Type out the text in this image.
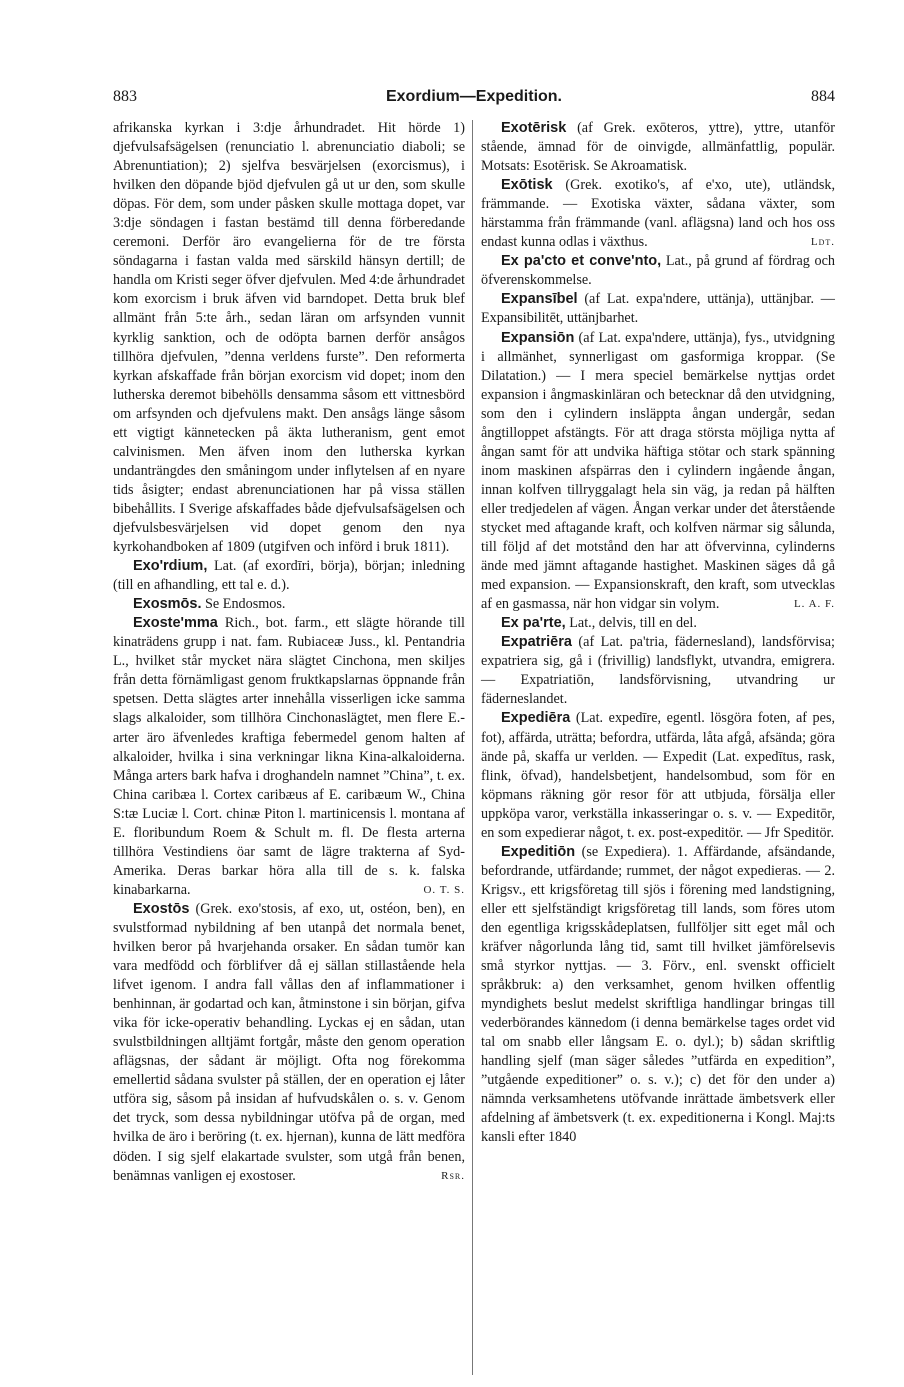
883	Exordium—Expedition.	884

afrikanska kyrkan i 3:dje århundradet. Hit hörde 1) djefvulsafsägelsen (renunciatio l. abrenunciatio diaboli; se Abrenuntiation); 2) sjelfva besvärjelsen (exorcismus), i hvilken den döpande bjöd djefvulen gå ut ur den, som skulle döpas. För dem, som under påsken skulle mottaga dopet, var 3:dje söndagen i fastan bestämd till denna förberedande ceremoni. Derför äro evangelierna för de tre första söndagarna i fastan valda med särskild hänsyn dertill; de handla om Kristi seger öfver djefvulen. Med 4:de århundradet kom exorcism i bruk äfven vid barndopet. Detta bruk blef allmänt från 5:te årh., sedan läran om arfsynden vunnit kyrklig sanktion, och de odöpta barnen derför ansågos tillhöra djefvulen, ”denna verldens furste”. Den reformerta kyrkan afskaffade från början exorcism vid dopet; inom den lutherska deremot bibehölls densamma såsom ett vittnesbörd om arfsynden och djefvulens makt. Den ansågs länge såsom ett vigtigt kännetecken på äkta lutheranism, gent emot calvinismen. Men äfven inom den lutherska kyrkan undanträngdes den småningom under inflytelsen af en nyare tids åsigter; endast abrenunciationen har på vissa ställen bibehållits. I Sverige afskaffades både djefvulsafsägelsen och djefvulsbesvärjelsen vid dopet genom den nya kyrkohandboken af 1809 (utgifven och införd i bruk 1811).

Exo'rdium, Lat. (af exordīri, börja), början; inledning (till en afhandling, ett tal e. d.).

Exosmōs. Se Endosmos.

Exoste'mma Rich., bot. farm., ett slägte hörande till kinaträdens grupp i nat. fam. Rubiaceæ Juss., kl. Pentandria L., hvilket står mycket nära slägtet Cinchona, men skiljes från detta förnämligast genom fruktkapslarnas öppnande från spetsen. Detta slägtes arter innehålla visserligen icke samma slags alkaloider, som tillhöra Cinchonaslägtet, men flere E.-arter äro äfvenledes kraftiga febermedel genom halten af alkaloider, hvilka i sina verkningar likna Kina-alkaloiderna. Många arters bark hafva i droghandeln namnet ”China”, t. ex. China caribæa l. Cortex caribæus af E. caribæum W., China S:tæ Luciæ l. Cort. chinæ Piton l. martinicensis l. montana af E. floribundum Roem & Schult m. fl. De flesta arterna tillhöra Vestindiens öar samt de lägre trakterna af Syd-Amerika. Deras barkar höra alla till de s. k. falska kinabarkarna.	O. T. S.

Exostōs (Grek. exo'stosis, af exo, ut, ostéon, ben), en svulstformad nybildning af ben utanpå det normala benet, hvilken beror på hvarjehanda orsaker. En sådan tumör kan vara medfödd och förblifver då ej sällan stillastående hela lifvet igenom. I andra fall vållas den af inflammationer i benhinnan, är godartad och kan, åtminstone i sin början, gifva vika för icke-operativ behandling. Lyckas ej en sådan, utan svulstbildningen alltjämt fortgår, måste den genom operation aflägsnas, der sådant är möjligt. Ofta nog förekomma emellertid sådana svulster på ställen, der en operation ej låter utföra sig, såsom på insidan af hufvudskålen o. s. v. Genom det tryck, som dessa nybildningar utöfva på de organ, med hvilka de äro i beröring (t. ex. hjernan), kunna de lätt medföra döden. I sig sjelf elakartade svulster, som utgå från benen, benämnas vanligen ej exostoser.	Rsr.

Exotērisk (af Grek. exōteros, yttre), yttre, utanför stående, ämnad för de oinvigde, allmänfattlig, populär. Motsats: Esotērisk. Se Akroamatisk.

Exōtisk (Grek. exotiko's, af e'xo, ute), utländsk, främmande. — Exotiska växter, sådana växter, som härstamma från främmande (vanl. aflägsna) land och hos oss endast kunna odlas i växthus.	Ldt.

Ex pa'cto et conve'nto, Lat., på grund af fördrag och öfverenskommelse.

Expansībel (af Lat. expa'ndere, uttänja), uttänjbar. — Expansibilitēt, uttänjbarhet.

Expansiōn (af Lat. expa'ndere, uttänja), fys., utvidgning i allmänhet, synnerligast om gasformiga kroppar. (Se Dilatation.) — I mera speciel bemärkelse nyttjas ordet expansion i ångmaskinläran och betecknar då den utvidgning, som den i cylindern insläppta ångan undergår, sedan ångtilloppet afstängts. För att draga största möjliga nytta af ångan samt för att undvika häftiga stötar och stark spänning inom maskinen afspärras den i cylindern ingående ångan, innan kolfven tillryggalagt hela sin väg, ja redan på hälften eller tredjedelen af vägen. Ångan verkar under det återstående stycket med aftagande kraft, och kolfven närmar sig sålunda, till följd af det motstånd den har att öfvervinna, cylinderns ände med jämnt aftagande hastighet. Maskinen säges då gå med expansion. — Expansionskraft, den kraft, som utvecklas af en gasmassa, när hon vidgar sin volym.	L. A. F.

Ex pa'rte, Lat., delvis, till en del.

Expatriēra (af Lat. pa'tria, fädernesland), landsförvisa; expatriera sig, gå i (frivillig) landsflykt, utvandra, emigrera. — Expatriatiōn, landsförvisning, utvandring ur fäderneslandet.

Expediēra (Lat. expedīre, egentl. lösgöra foten, af pes, fot), affärda, uträtta; befordra, utfärda, låta afgå, afsända; göra ände på, skaffa ur verlden. — Expedit (Lat. expedītus, rask, flink, öfvad), handelsbetjent, handelsombud, som för en köpmans räkning gör resor för att utbjuda, försälja eller uppköpa varor, verkställa inkasseringar o. s. v. — Expeditōr, en som expedierar något, t. ex. post-expeditör. — Jfr Speditör.

Expeditiōn (se Expediera). 1. Affärdande, afsändande, befordrande, utfärdande; rummet, der något expedieras. — 2. Krigsv., ett krigsföretag till sjös i förening med landstigning, eller ett sjelfständigt krigsföretag till lands, som föres utom den egentliga krigsskådeplatsen, fullföljer sitt eget mål och kräfver någorlunda lång tid, samt till hvilket jämförelsevis små styrkor nyttjas. — 3. Förv., enl. svenskt officielt språkbruk: a) den verksamhet, genom hvilken offentlig myndighets beslut medelst skriftliga handlingar bringas till vederbörandes kännedom (i denna bemärkelse tages ordet vid tal om snabb eller långsam E. o. dyl.); b) sådan skriftlig handling sjelf (man säger således ”utfärda en expedition”, ”utgående expeditioner” o. s. v.); c) det för den under a) nämnda verksamhetens utöfvande inrättade ämbetsverk eller afdelning af ämbetsverk (t. ex. expeditionerna i Kongl. Maj:ts kansli efter 1840
